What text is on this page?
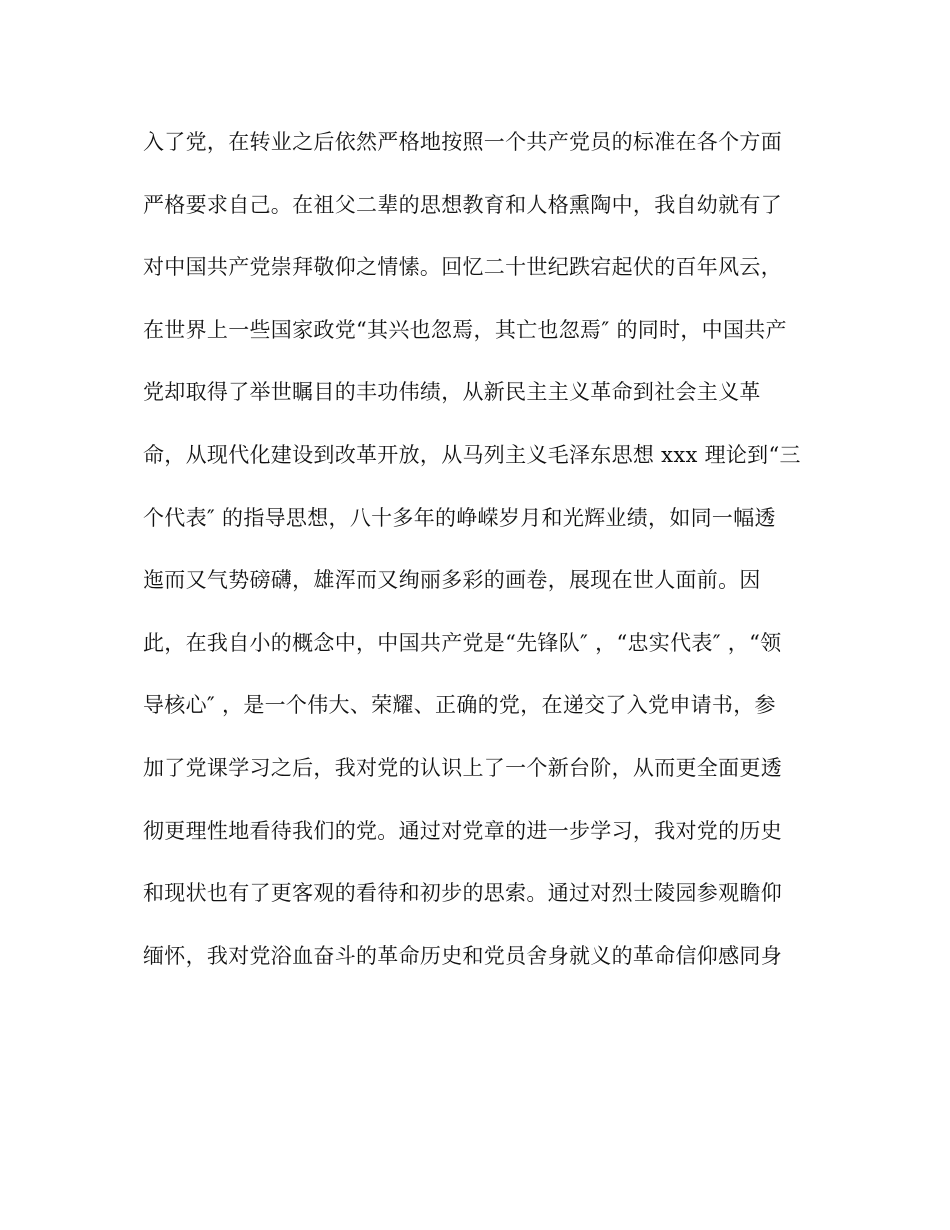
入了党，在转业之后依然严格地按照一个共产党员的标准在各个方面
严格要求自己。在祖父二辈的思想教育和人格熏陶中，我自幼就有了
对中国共产党崇拜敬仰之情愫。回忆二十世纪跌宕起伏的百年风云，
在世界上一些国家政党“其兴也忽焉，其亡也忽焉″ 的同时，中国共产
党却取得了举世瞩目的丰功伟绩，从新民主主义革命到社会主义革
命，从现代化建设到改革开放，从马列主义毛泽东思想 xxx 理论到“三
个代表″ 的指导思想，八十多年的峥嵘岁月和光辉业绩，如同一幅透
迤而又气势磅礴，雄浑而又绚丽多彩的画卷，展现在世人面前。因
此，在我自小的概念中，中国共产党是“先锋队″ ，“忠实代表″ ，“领
导核心″ ，是一个伟大、荣耀、正确的党，在递交了入党申请书，参
加了党课学习之后，我对党的认识上了一个新台阶，从而更全面更透
彻更理性地看待我们的党。通过对党章的进一步学习，我对党的历史
和现状也有了更客观的看待和初步的思索。通过对烈士陵园参观瞻仰
缅怀，我对党浴血奋斗的革命历史和党员舍身就义的革命信仰感同身
